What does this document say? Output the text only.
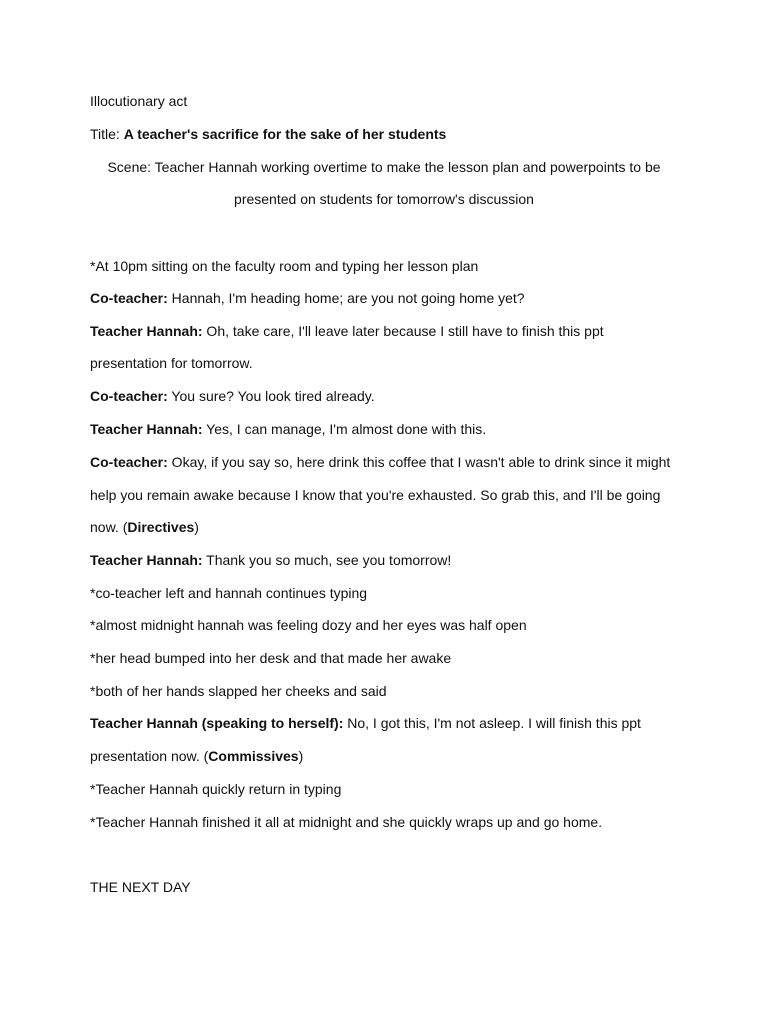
Illocutionary act
Title: A teacher's sacrifice for the sake of her students
Scene: Teacher Hannah working overtime to make the lesson plan and powerpoints to be
presented on students for tomorrow's discussion
*At 10pm sitting on the faculty room and typing her lesson plan
Co-teacher: Hannah, I'm heading home; are you not going home yet?
Teacher Hannah: Oh, take care, I'll leave later because I still have to finish this ppt
presentation for tomorrow.
Co-teacher: You sure? You look tired already.
Teacher Hannah: Yes, I can manage, I'm almost done with this.
Co-teacher: Okay, if you say so, here drink this coffee that I wasn't able to drink since it might
help you remain awake because I know that you're exhausted. So grab this, and I'll be going
now. (Directives)
Teacher Hannah: Thank you so much, see you tomorrow!
*co-teacher left and hannah continues typing
*almost midnight hannah was feeling dozy and her eyes was half open
*her head bumped into her desk and that made her awake
*both of her hands slapped her cheeks and said
Teacher Hannah (speaking to herself): No, I got this, I'm not asleep. I will finish this ppt
presentation now. (Commissives)
*Teacher Hannah quickly return in typing
*Teacher Hannah finished it all at midnight and she quickly wraps up and go home.
THE NEXT DAY
